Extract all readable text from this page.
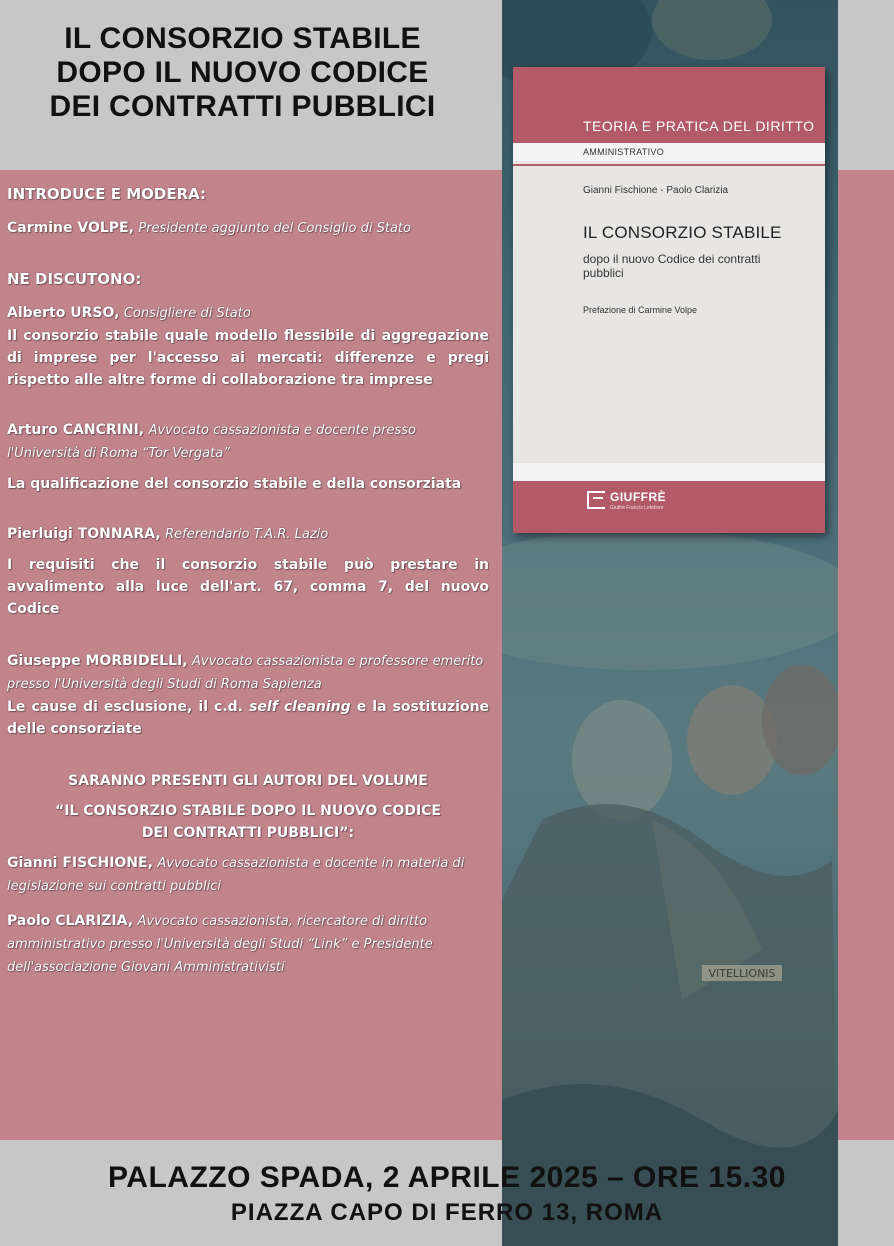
VITELLIONIS
IL CONSORZIO STABILE
DOPO IL NUOVO CODICE
DEI CONTRATTI PUBBLICI

INTRODUCE E MODERA:

Carmine VOLPE, Presidente aggiunto del Consiglio di Stato

NE DISCUTONO:

Alberto URSO, Consigliere di Stato

Il consorzio stabile quale modello flessibile di aggregazione di imprese per l'accesso ai mercati: differenze e pregi rispetto alle altre forme di collaborazione tra imprese

Arturo CANCRINI, Avvocato cassazionista e docente presso l'Università di Roma “Tor Vergata”

La qualificazione del consorzio stabile e della consorziata

Pierluigi TONNARA, Referendario T.A.R. Lazio

I requisiti che il consorzio stabile può prestare in avvalimento alla luce dell'art. 67, comma 7, del nuovo Codice

Giuseppe MORBIDELLI, Avvocato cassazionista e professore emerito presso l'Università degli Studi di Roma Sapienza

Le cause di esclusione, il c.d. self cleaning e la sostituzione delle consorziate

SARANNO PRESENTI GLI AUTORI DEL VOLUME

“IL CONSORZIO STABILE DOPO IL NUOVO CODICE

DEI CONTRATTI PUBBLICI”:

Gianni FISCHIONE, Avvocato cassazionista e docente in materia di legislazione sui contratti pubblici

Paolo CLARIZIA, Avvocato cassazionista, ricercatore di diritto amministrativo presso l'Università degli Studi “Link” e Presidente dell'associazione Giovani Amministrativisti

TEORIA E PRATICA DEL DIRITTO
AMMINISTRATIVO
Gianni Fischione - Paolo Clarizia
IL CONSORZIO STABILE
dopo il nuovo Codice dei contratti pubblici
Prefazione di Carmine Volpe
GIUFFRÈ
Giuffrè Francis Lefebvre
PALAZZO SPADA, 2 APRILE 2025 – ORE 15.30
PIAZZA CAPO DI FERRO 13, ROMA
